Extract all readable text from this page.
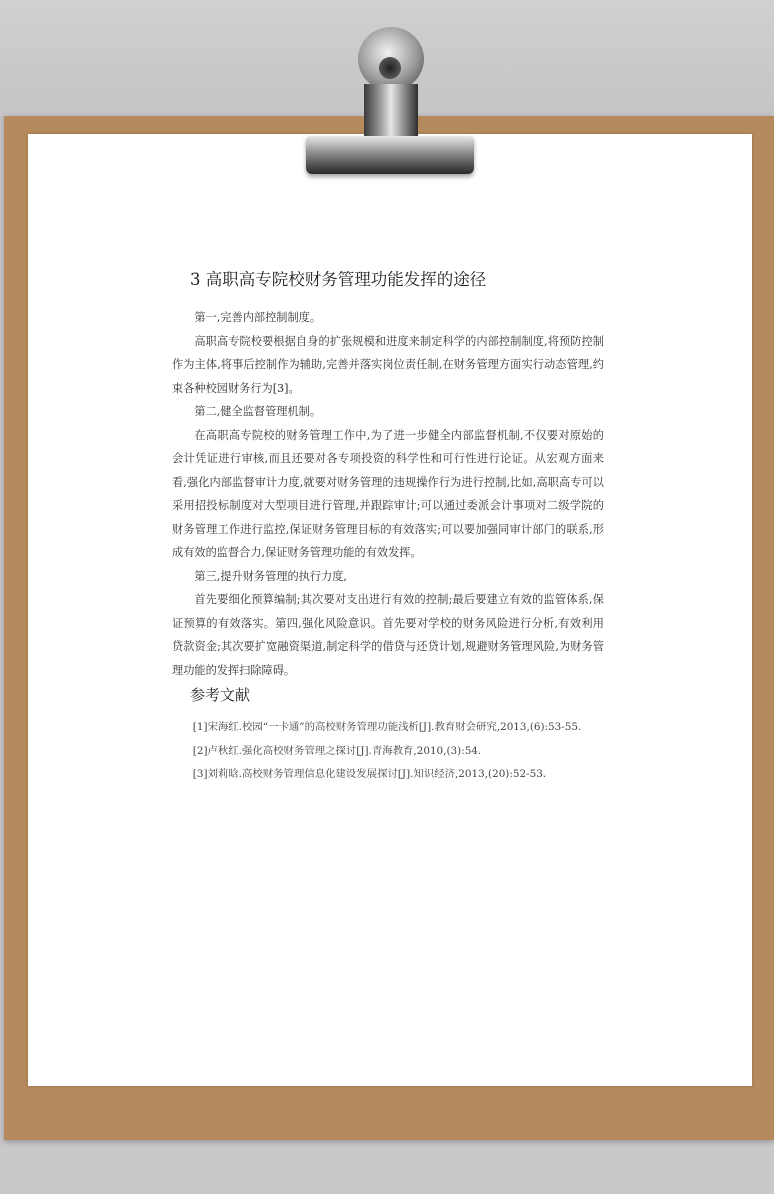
3 高职高专院校财务管理功能发挥的途径

第一,完善内部控制制度。

高职高专院校要根据自身的扩张规模和进度来制定科学的内部控制制度,将预防控制作为主体,将事后控制作为辅助,完善并落实岗位责任制,在财务管理方面实行动态管理,约束各种校园财务行为[3]。

第二,健全监督管理机制。

在高职高专院校的财务管理工作中,为了进一步健全内部监督机制,不仅要对原始的会计凭证进行审核,而且还要对各专项投资的科学性和可行性进行论证。从宏观方面来看,强化内部监督审计力度,就要对财务管理的违规操作行为进行控制,比如,高职高专可以采用招投标制度对大型项目进行管理,并跟踪审计;可以通过委派会计事项对二级学院的财务管理工作进行监控,保证财务管理目标的有效落实;可以要加强同审计部门的联系,形成有效的监督合力,保证财务管理功能的有效发挥。

第三,提升财务管理的执行力度,

首先要细化预算编制;其次要对支出进行有效的控制;最后要建立有效的监管体系,保证预算的有效落实。第四,强化风险意识。首先要对学校的财务风险进行分析,有效利用贷款资金;其次要扩宽融资渠道,制定科学的借贷与还贷计划,规避财务管理风险,为财务管理功能的发挥扫除障碍。

参考文献

[1]宋海红.校园“一卡通”的高校财务管理功能浅析[J].教育财会研究,2013,(6):53-55.

[2]卢秋红.强化高校财务管理之探讨[J].青海教育,2010,(3):54.

[3]刘莉晗.高校财务管理信息化建设发展探讨[J].知识经济,2013,(20):52-53.
